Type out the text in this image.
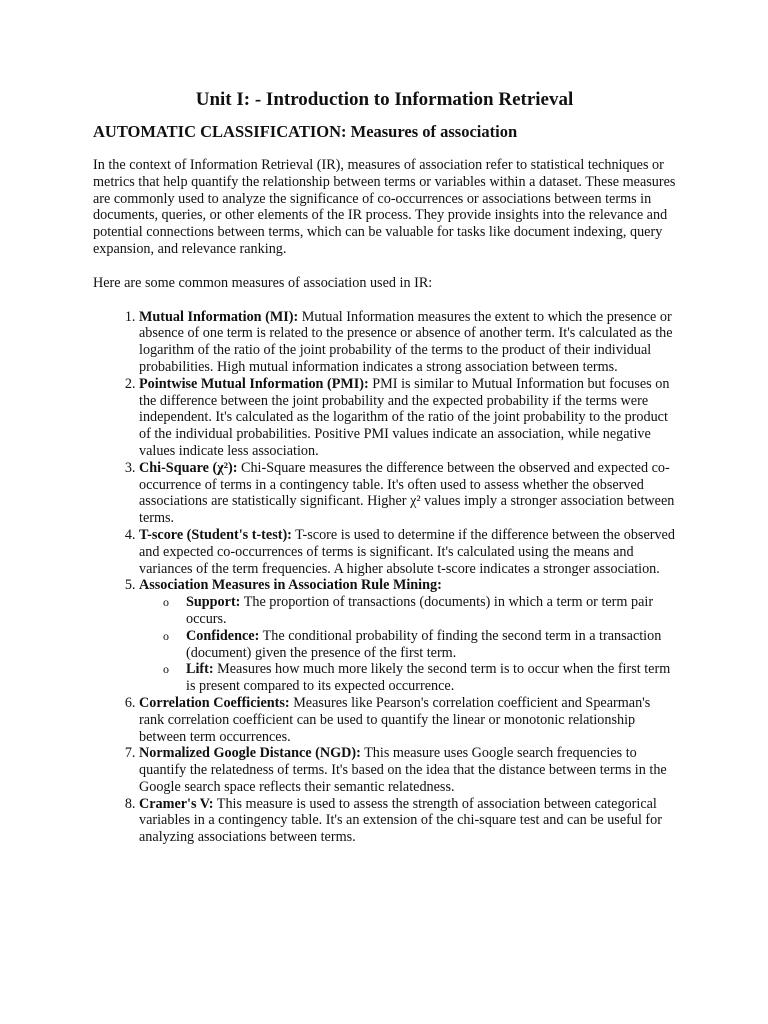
Unit I: - Introduction to Information Retrieval
AUTOMATIC CLASSIFICATION: Measures of association

In the context of Information Retrieval (IR), measures of association refer to statistical techniques or metrics that help quantify the relationship between terms or variables within a dataset. These measures are commonly used to analyze the significance of co-occurrences or associations between terms in documents, queries, or other elements of the IR process. They provide insights into the relevance and potential connections between terms, which can be valuable for tasks like document indexing, query expansion, and relevance ranking.

Here are some common measures of association used in IR:

1. Mutual Information (MI): Mutual Information measures the extent to which the presence or absence of one term is related to the presence or absence of another term. It's calculated as the logarithm of the ratio of the joint probability of the terms to the product of their individual probabilities. High mutual information indicates a strong association between terms.
2. Pointwise Mutual Information (PMI): PMI is similar to Mutual Information but focuses on the difference between the joint probability and the expected probability if the terms were independent. It's calculated as the logarithm of the ratio of the joint probability to the product of the individual probabilities. Positive PMI values indicate an association, while negative values indicate less association.
3. Chi-Square (χ²): Chi-Square measures the difference between the observed and expected co-occurrence of terms in a contingency table. It's often used to assess whether the observed associations are statistically significant. Higher χ² values imply a stronger association between terms.
4. T-score (Student's t-test): T-score is used to determine if the difference between the observed and expected co-occurrences of terms is significant. It's calculated using the means and variances of the term frequencies. A higher absolute t-score indicates a stronger association.
5. Association Measures in Association Rule Mining:
o Support: The proportion of transactions (documents) in which a term or term pair occurs.
o Confidence: The conditional probability of finding the second term in a transaction (document) given the presence of the first term.
o Lift: Measures how much more likely the second term is to occur when the first term is present compared to its expected occurrence.
6. Correlation Coefficients: Measures like Pearson's correlation coefficient and Spearman's rank correlation coefficient can be used to quantify the linear or monotonic relationship between term occurrences.
7. Normalized Google Distance (NGD): This measure uses Google search frequencies to quantify the relatedness of terms. It's based on the idea that the distance between terms in the Google search space reflects their semantic relatedness.
8. Cramer's V: This measure is used to assess the strength of association between categorical variables in a contingency table. It's an extension of the chi-square test and can be useful for analyzing associations between terms.
